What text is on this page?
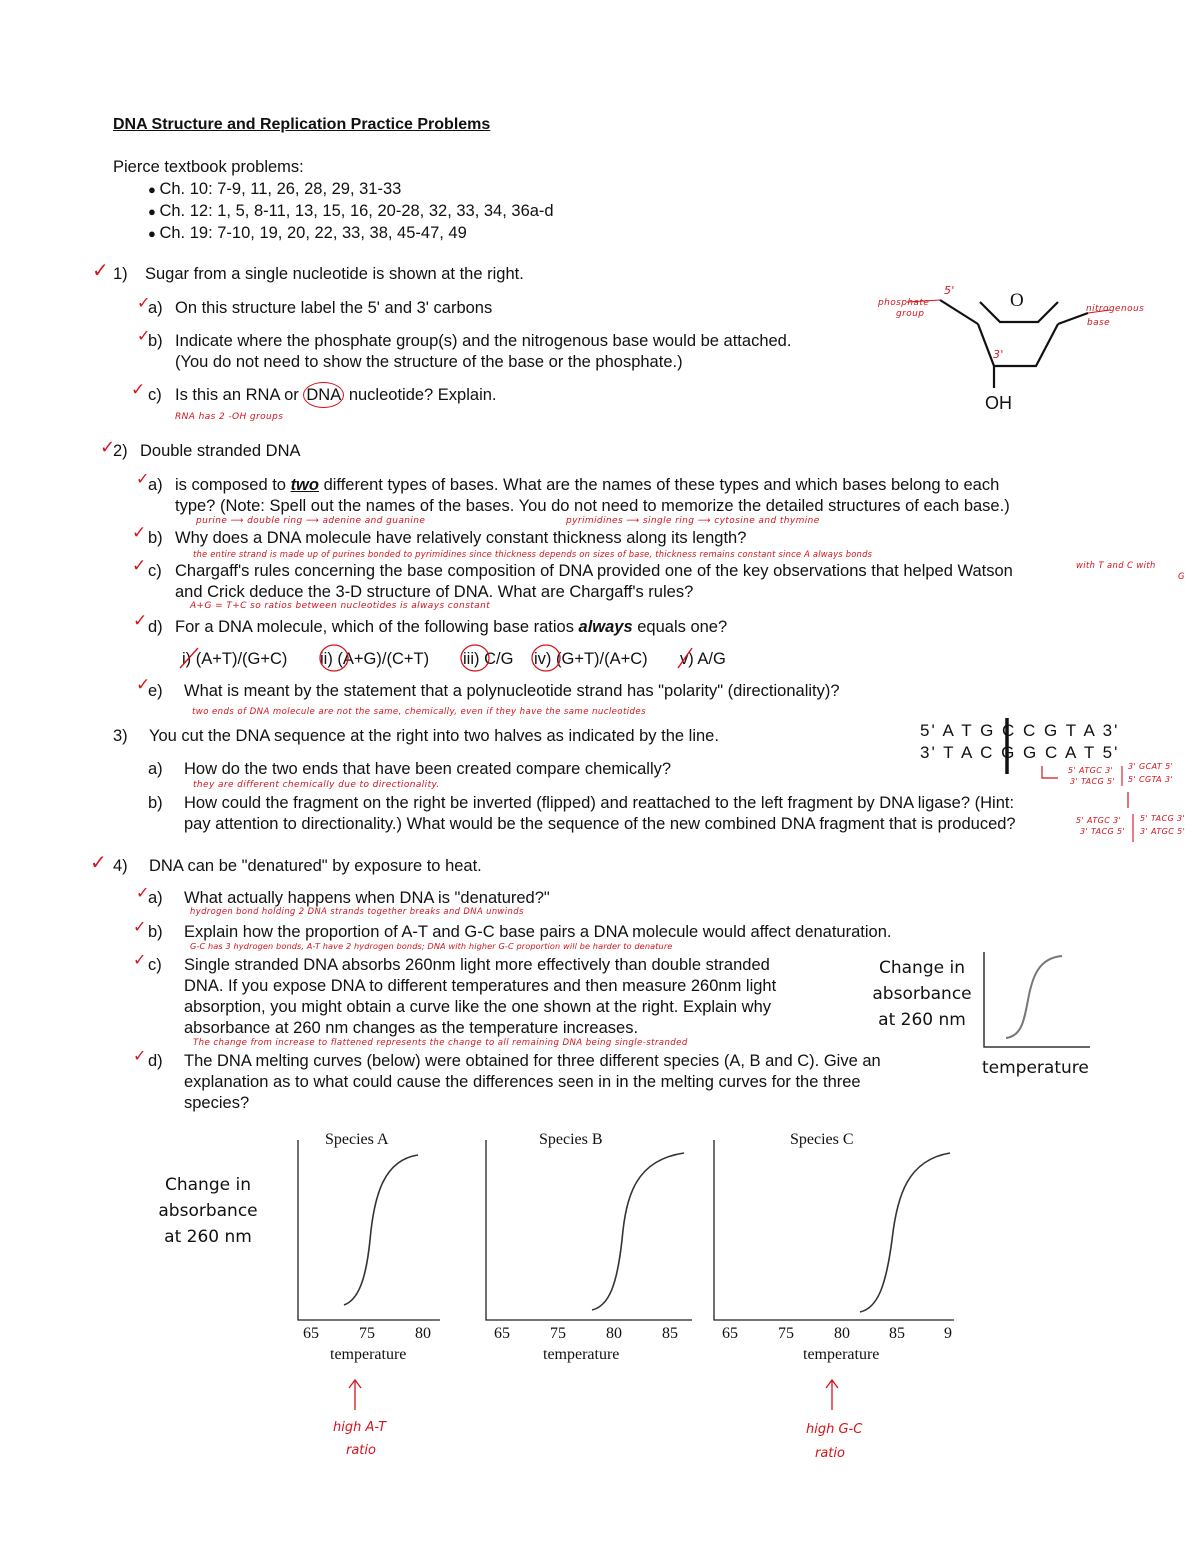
DNA Structure and Replication Practice Problems
Pierce textbook problems:
● Ch. 10: 7-9, 11, 26, 28, 29, 31-33
● Ch. 12: 1, 5, 8-11, 13, 15, 16, 20-28, 32, 33, 34, 36a-d
● Ch. 19: 7-10, 19, 20, 22, 33, 38, 45-47, 49
✓ 1) Sugar from a single nucleotide is shown at the right.
✓
a) On this structure label the 5' and 3' carbons
✓
b) Indicate where the phosphate group(s) and the nitrogenous base would be attached.
(You do not need to show the structure of the base or the phosphate.)
✓ c) Is this an RNA or DNA nucleotide? Explain.
RNA has 2 -OH groups
O
OH
5'
3'
phosphate
group	nitrogenous
base
✓
2) Double stranded DNA
✓
a) is composed to two different types of bases. What are the names of these types and which bases belong to each
type? (Note: Spell out the names of the bases. You do not need to memorize the detailed structures of each base.)
purine ⟶ double ring ⟶ adenine and guanine	pyrimidines ⟶ single ring ⟶ cytosine and thymine
✓ b) Why does a DNA molecule have relatively constant thickness along its length?
the entire strand is made up of purines bonded to pyrimidines since thickness depends on sizes of base, thickness remains constant since A always bonds
with T and C with
G
✓ c) Chargaff's rules concerning the base composition of DNA provided one of the key observations that helped Watson
and Crick deduce the 3-D structure of DNA. What are Chargaff's rules?
A+G = T+C so ratios between nucleotides is always constant
✓ d) For a DNA molecule, which of the following base ratios always equals one?
i) (A+T)/(G+C) ii) (A+G)/(C+T) iii) C/G iv) (G+T)/(A+C) v) A/G
✓
e) What is meant by the statement that a polynucleotide strand has "polarity" (directionality)?
two ends of DNA molecule are not the same, chemically, even if they have the same nucleotides
3) You cut the DNA sequence at the right into two halves as indicated by the line.	5' A T G C C G T A 3'
3' T A C G G C A T 5'
5' ATGC 3'
3' TACG 5'
3' GCAT 5'
5' CGTA 3'
5' ATGC 3'
3' TACG 5'
5' TACG 3'
3' ATGC 5'
a) How do the two ends that have been created compare chemically?
they are different chemically due to directionality.
b) How could the fragment on the right be inverted (flipped) and reattached to the left fragment by DNA ligase? (Hint:
pay attention to directionality.) What would be the sequence of the new combined DNA fragment that is produced?
✓ 4) DNA can be "denatured" by exposure to heat.
✓
a) What actually happens when DNA is "denatured?"
hydrogen bond holding 2 DNA strands together breaks and DNA unwinds
✓ b) Explain how the proportion of A-T and G-C base pairs a DNA molecule would affect denaturation.
G-C has 3 hydrogen bonds, A-T have 2 hydrogen bonds; DNA with higher G-C proportion will be harder to denature
✓ c) Single stranded DNA absorbs 260nm light more effectively than double stranded
DNA. If you expose DNA to different temperatures and then measure 260nm light
absorption, you might obtain a curve like the one shown at the right. Explain why
absorbance at 260 nm changes as the temperature increases.
The change from increase to flattened represents the change to all remaining DNA being single-stranded
✓ d) The DNA melting curves (below) were obtained for three different species (A, B and C). Give an
explanation as to what could cause the differences seen in in the melting curves for the three
species?
Change in
absorbance
at 260 nm
temperature
Change in
absorbance
at 260 nm
Species A
65	75	80
temperature
high A-T
ratio
Species B
65	75	80	85
temperature
Species C
65	75	80 85 9
temperature
high G-C
ratio
